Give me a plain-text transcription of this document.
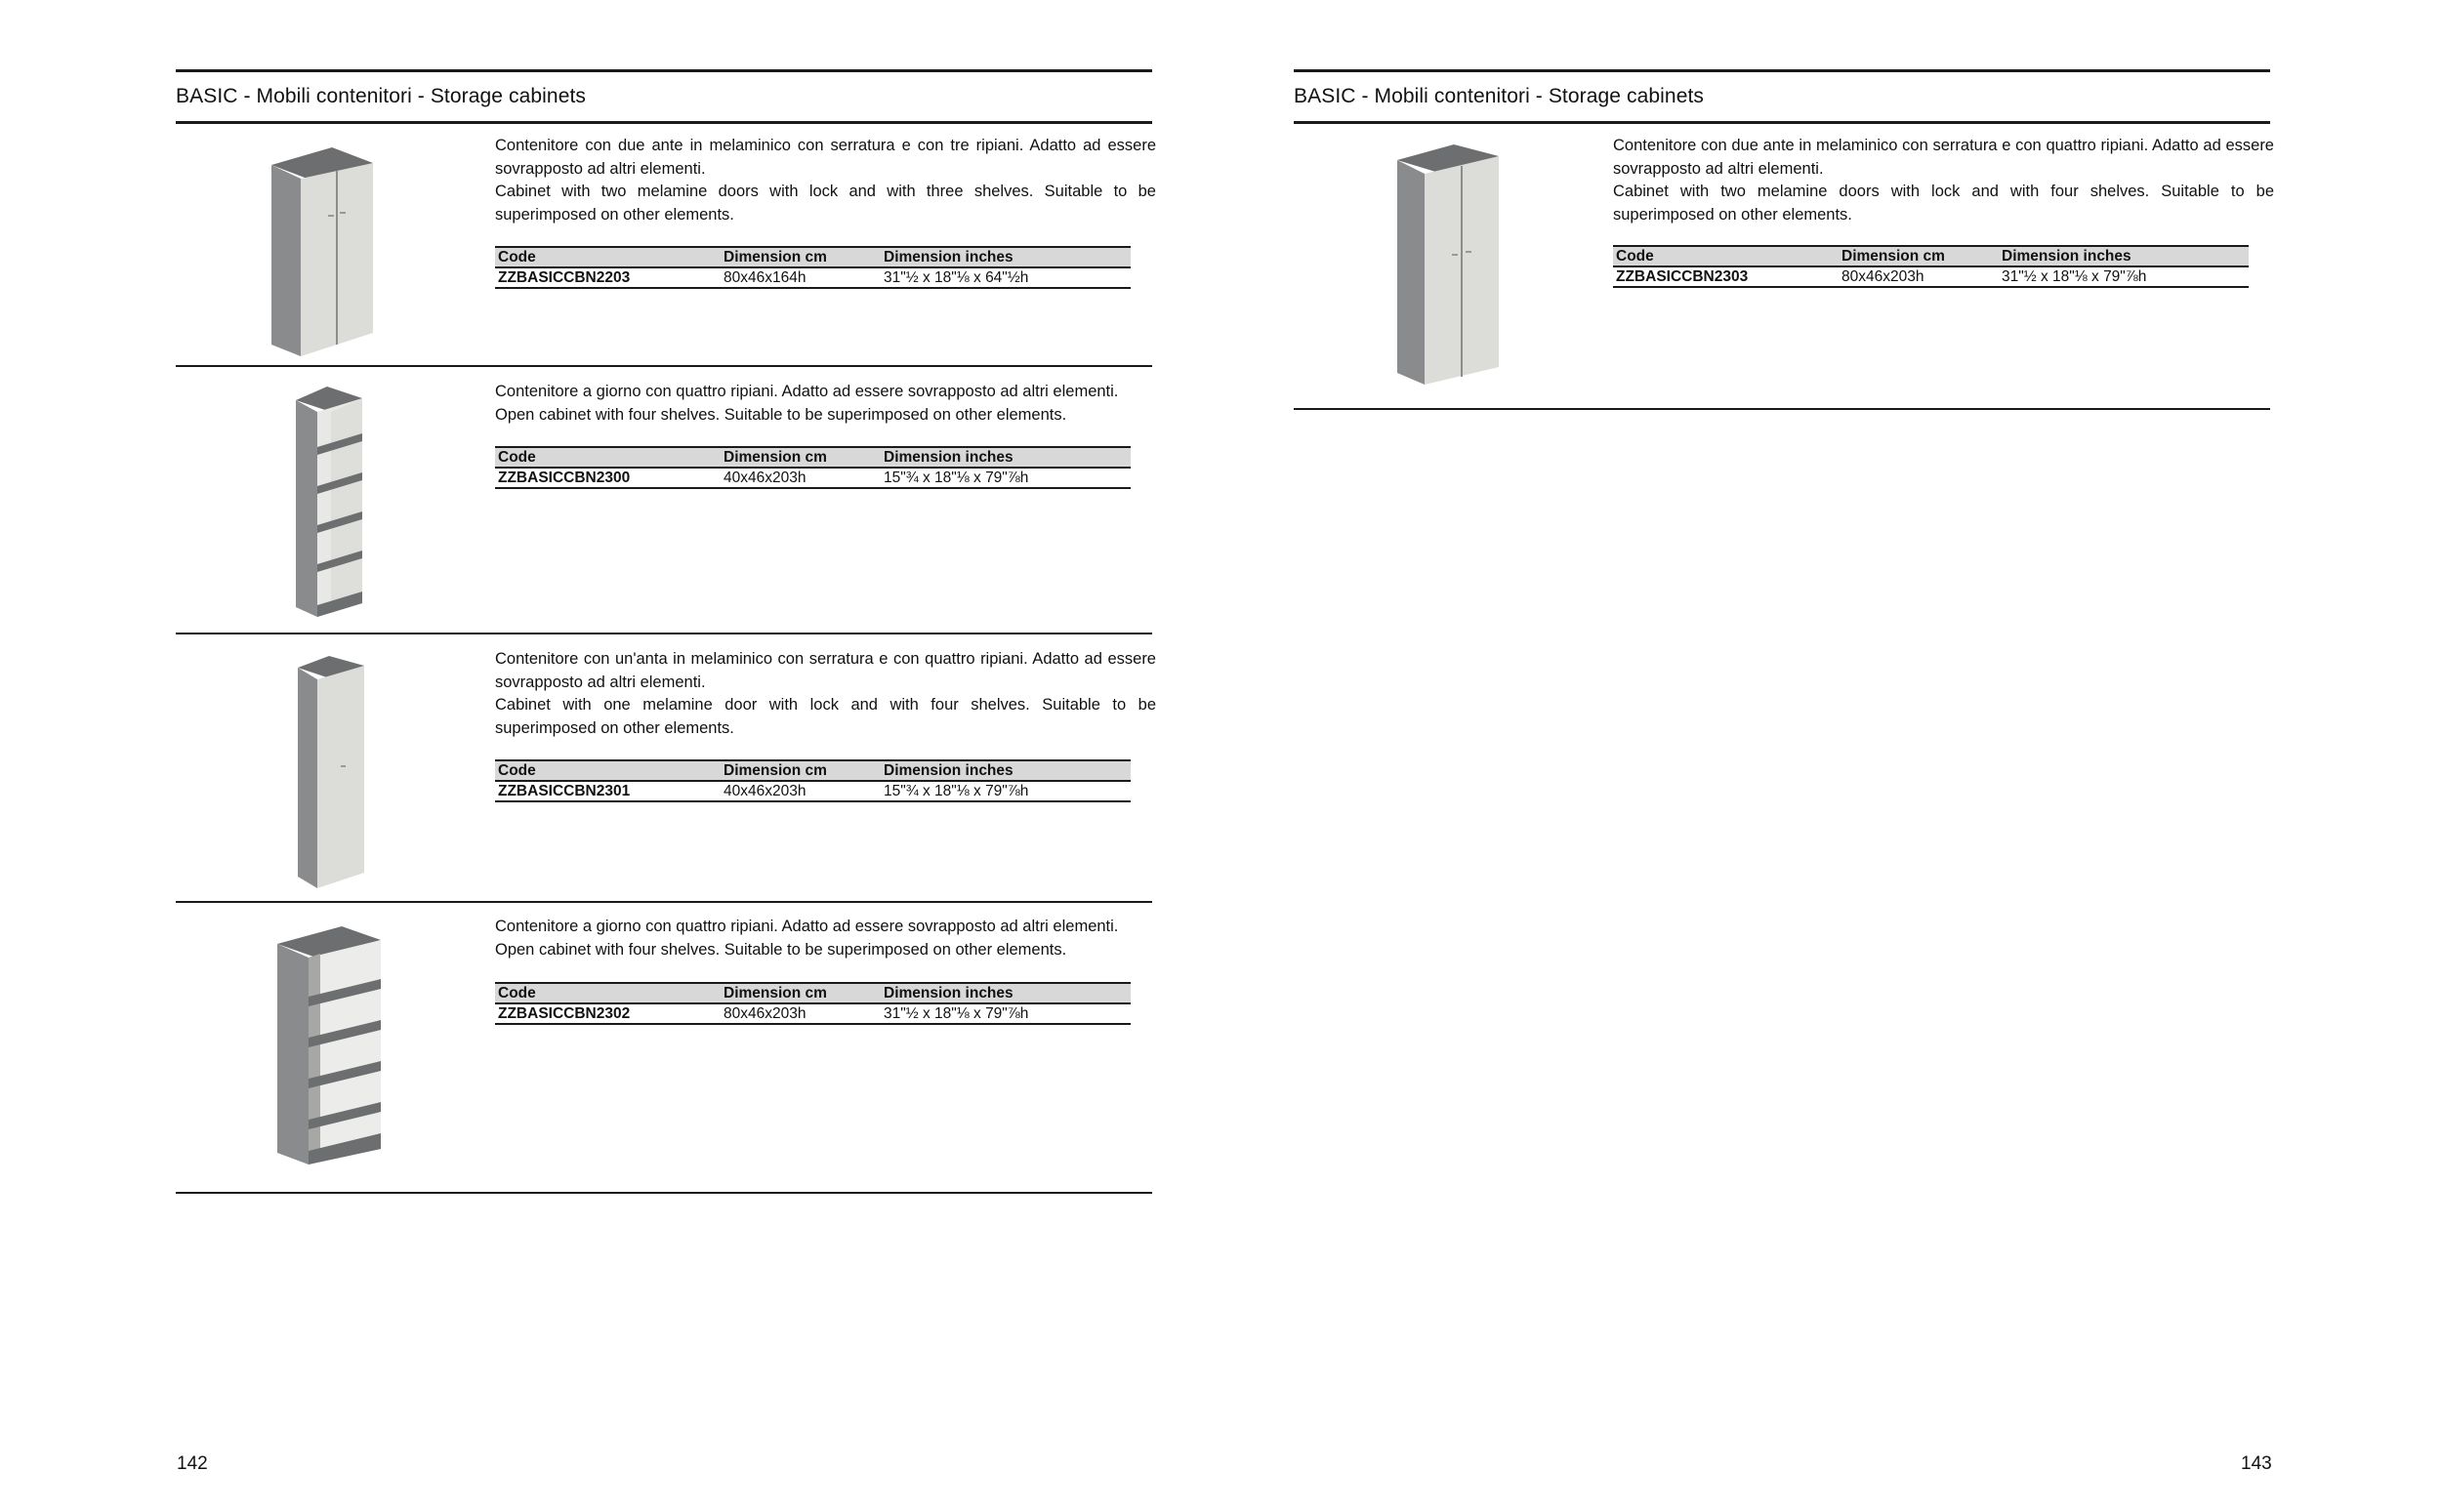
BASIC - Mobili contenitori - Storage cabinets

Contenitore con due ante in melaminico con serratura e con tre ripiani. Adatto ad essere sovrapposto ad altri elementi.

Cabinet with two melamine doors with lock and with three shelves. Suitable to be superimposed on other elements.

Code	Dimension cm	Dimension inches
ZZBASICCBN2203	80x46x164h	31"½ x 18"⅛ x 64"½h

Contenitore a giorno con quattro ripiani. Adatto ad essere sovrapposto ad altri elementi.

Open cabinet with four shelves. Suitable to be superimposed on other elements.

Code	Dimension cm	Dimension inches
ZZBASICCBN2300	40x46x203h	15"¾ x 18"⅛ x 79"⅞h

Contenitore con un'anta in melaminico con serratura e con quattro ripiani. Adatto ad essere sovrapposto ad altri elementi.

Cabinet with one melamine door with lock and with four shelves. Suitable to be superimposed on other elements.

Code	Dimension cm	Dimension inches
ZZBASICCBN2301	40x46x203h	15"¾ x 18"⅛ x 79"⅞h

Contenitore a giorno con quattro ripiani. Adatto ad essere sovrapposto ad altri elementi.

Open cabinet with four shelves. Suitable to be superimposed on other elements.

Code	Dimension cm	Dimension inches
ZZBASICCBN2302	80x46x203h	31"½ x 18"⅛ x 79"⅞h
142
BASIC - Mobili contenitori - Storage cabinets

Contenitore con due ante in melaminico con serratura e con quattro ripiani. Adatto ad essere sovrapposto ad altri elementi.

Cabinet with two melamine doors with lock and with four shelves. Suitable to be superimposed on other elements.

Code	Dimension cm	Dimension inches
ZZBASICCBN2303	80x46x203h	31"½ x 18"⅛ x 79"⅞h
143
